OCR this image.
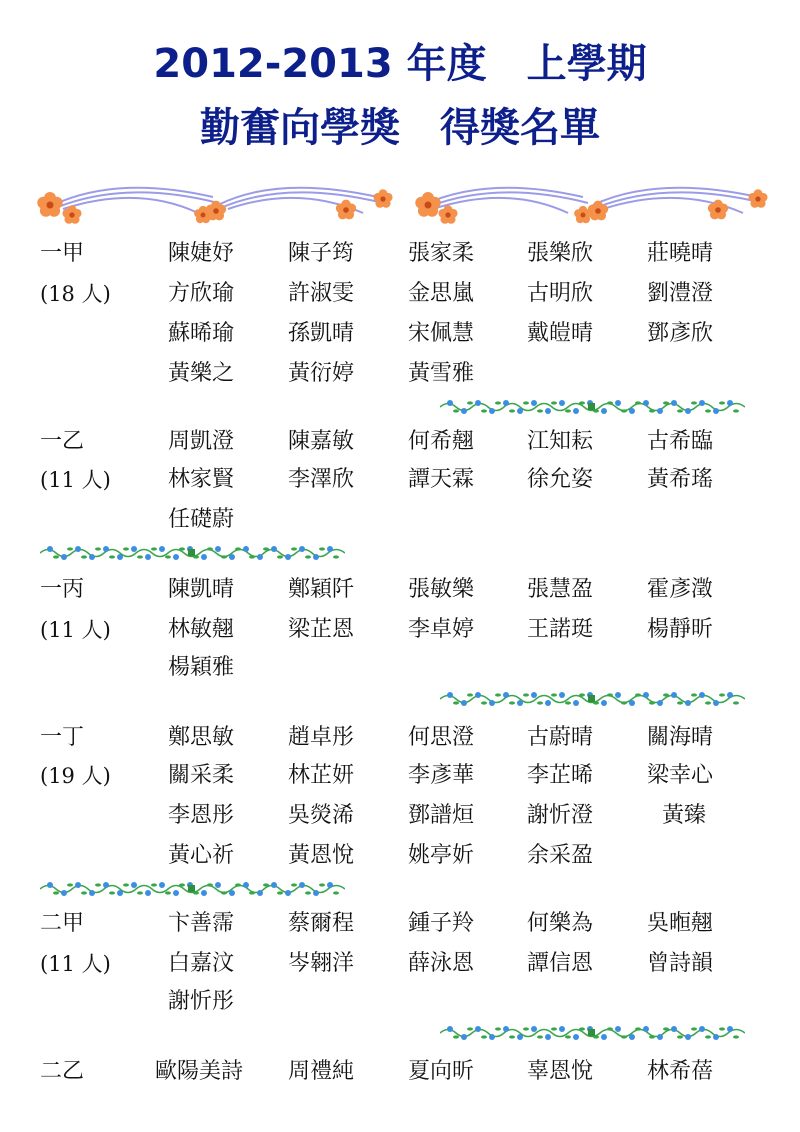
2012-2013 年度　上學期
勤奮向學獎　得獎名單
一甲	陳婕妤 陳子筠 張家柔 張樂欣 莊曉晴
(18 人)	方欣瑜 許淑雯 金思嵐 古明欣 劉澧澄
蘇晞瑜 孫凱晴 宋佩慧 戴皚晴 鄧彥欣
黃樂之 黃衍婷 黃雪雅
一乙	周凱澄 陳嘉敏 何希翹 江知耘 古希臨
(11 人)	林家賢 李澤欣 譚天霖 徐允姿 黃希瑤
任礎蔚
一丙	陳凱晴 鄭穎阡 張敏樂 張慧盈 霍彥澂
(11 人)	林敏翹 梁芷恩 李卓婷 王諾珽 楊靜昕
楊穎雅
一丁	鄭思敏 趙卓彤 何思澄 古蔚晴 關海晴
(19 人)	關采柔 林芷妍 李彥華 李芷晞 梁幸心
李恩彤 吳熒浠 鄧譜烜 謝忻澄	黃臻
黃心祈 黃恩悅 姚亭妡 余采盈
二甲	卞善霈 蔡爾程 鍾子羚 何樂為 吳暅翹
(11 人)	白嘉汶 岑翱洋 薛泳恩 譚信恩 曾詩韻
謝忻彤
二乙	歐陽美詩 周禮純 夏向昕 辜恩悅 林希蓓
